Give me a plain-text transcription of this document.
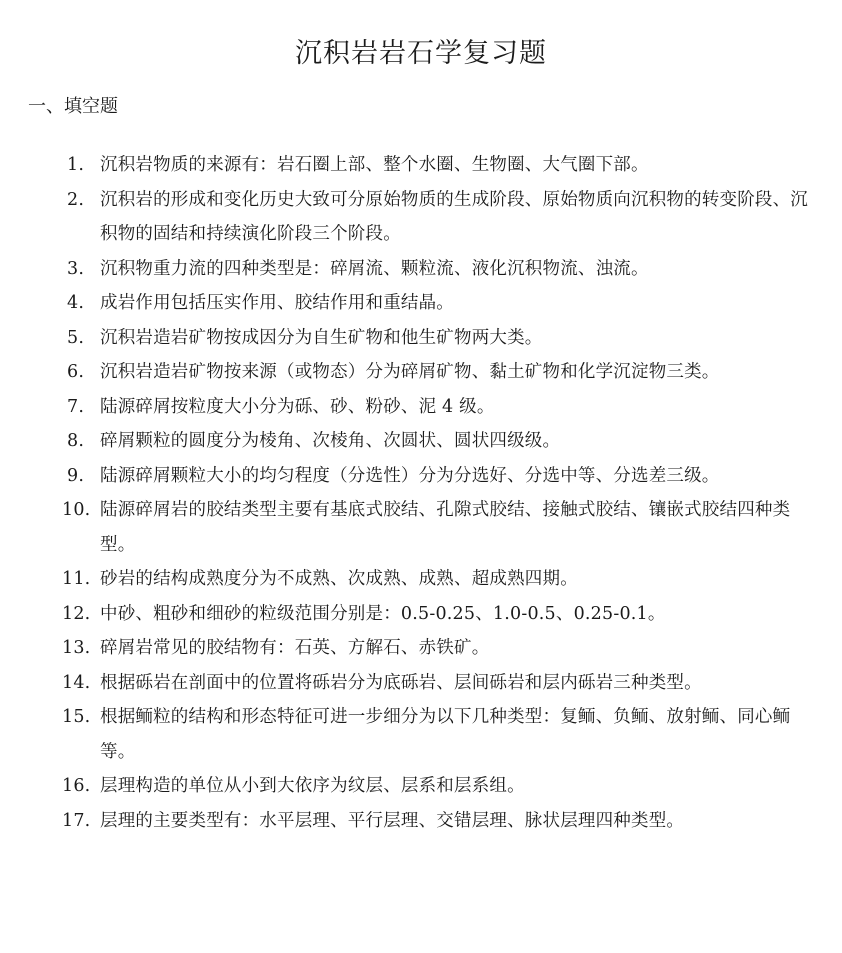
沉积岩岩石学复习题
一、填空题
1. 沉积岩物质的来源有：岩石圈上部、整个水圈、生物圈、大气圈下部。
2. 沉积岩的形成和变化历史大致可分原始物质的生成阶段、原始物质向沉积物的转变阶段、沉积物的固结和持续演化阶段三个阶段。
3. 沉积物重力流的四种类型是：碎屑流、颗粒流、液化沉积物流、浊流。
4. 成岩作用包括压实作用、胶结作用和重结晶。
5. 沉积岩造岩矿物按成因分为自生矿物和他生矿物两大类。
6. 沉积岩造岩矿物按来源（或物态）分为碎屑矿物、黏土矿物和化学沉淀物三类。
7. 陆源碎屑按粒度大小分为砾、砂、粉砂、泥 4 级。
8. 碎屑颗粒的圆度分为棱角、次棱角、次圆状、圆状四级级。
9. 陆源碎屑颗粒大小的均匀程度（分选性）分为分选好、分选中等、分选差三级。
10. 陆源碎屑岩的胶结类型主要有基底式胶结、孔隙式胶结、接触式胶结、镶嵌式胶结四种类型。
11. 砂岩的结构成熟度分为不成熟、次成熟、成熟、超成熟四期。
12. 中砂、粗砂和细砂的粒级范围分别是：0.5-0.25、1.0-0.5、0.25-0.1。
13. 碎屑岩常见的胶结物有：石英、方解石、赤铁矿。
14. 根据砾岩在剖面中的位置将砾岩分为底砾岩、层间砾岩和层内砾岩三种类型。
15. 根据鲕粒的结构和形态特征可进一步细分为以下几种类型：复鲕、负鲕、放射鲕、同心鲕等。
16. 层理构造的单位从小到大依序为纹层、层系和层系组。
17. 层理的主要类型有：水平层理、平行层理、交错层理、脉状层理四种类型。
